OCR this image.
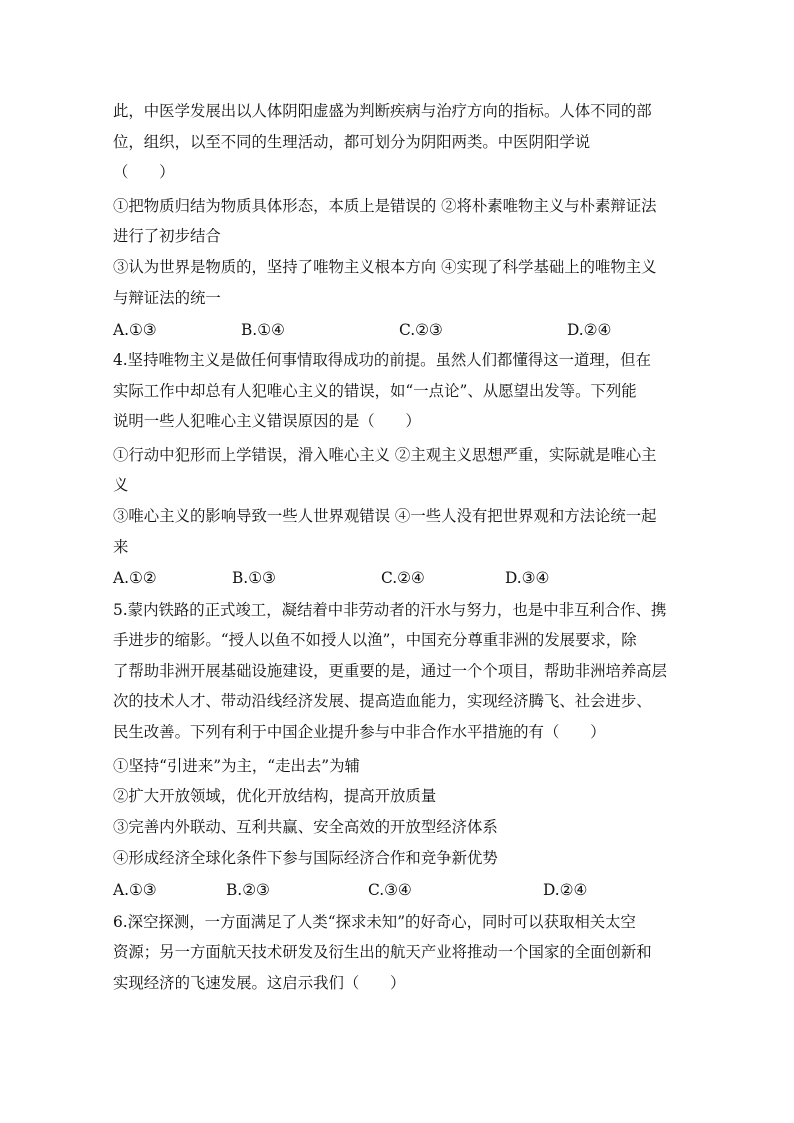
此，中医学发展出以人体阴阳虚盛为判断疾病与治疗方向的指标。人体不同的部
位，组织，以至不同的生理活动，都可划分为阴阳两类。中医阴阳学说
（　　）
①把物质归结为物质具体形态，本质上是错误的 ②将朴素唯物主义与朴素辩证法
进行了初步结合
③认为世界是物质的，坚持了唯物主义根本方向 ④实现了科学基础上的唯物主义
与辩证法的统一
A.①③	B.①④	C.②③	D.②④
4.坚持唯物主义是做任何事情取得成功的前提。虽然人们都懂得这一道理，但在
实际工作中却总有人犯唯心主义的错误，如“一点论”、从愿望出发等。下列能
说明一些人犯唯心主义错误原因的是（　　）
①行动中犯形而上学错误，滑入唯心主义 ②主观主义思想严重，实际就是唯心主
义
③唯心主义的影响导致一些人世界观错误 ④一些人没有把世界观和方法论统一起
来
A.①②	B.①③	C.②④	D.③④
5.蒙内铁路的正式竣工，凝结着中非劳动者的汗水与努力，也是中非互利合作、携
手进步的缩影。“授人以鱼不如授人以渔”，中国充分尊重非洲的发展要求，除
了帮助非洲开展基础设施建设，更重要的是，通过一个个项目，帮助非洲培养高层
次的技术人才、带动沿线经济发展、提高造血能力，实现经济腾飞、社会进步、
民生改善。下列有利于中国企业提升参与中非合作水平措施的有（　　）
①坚持“引进来”为主，“走出去”为辅
②扩大开放领域，优化开放结构，提高开放质量
③完善内外联动、互利共赢、安全高效的开放型经济体系
④形成经济全球化条件下参与国际经济合作和竞争新优势
A.①③	B.②③	C.③④	D.②④
6.深空探测，一方面满足了人类“探求未知”的好奇心，同时可以获取相关太空
资源；另一方面航天技术研发及衍生出的航天产业将推动一个国家的全面创新和
实现经济的飞速发展。这启示我们（　　）
